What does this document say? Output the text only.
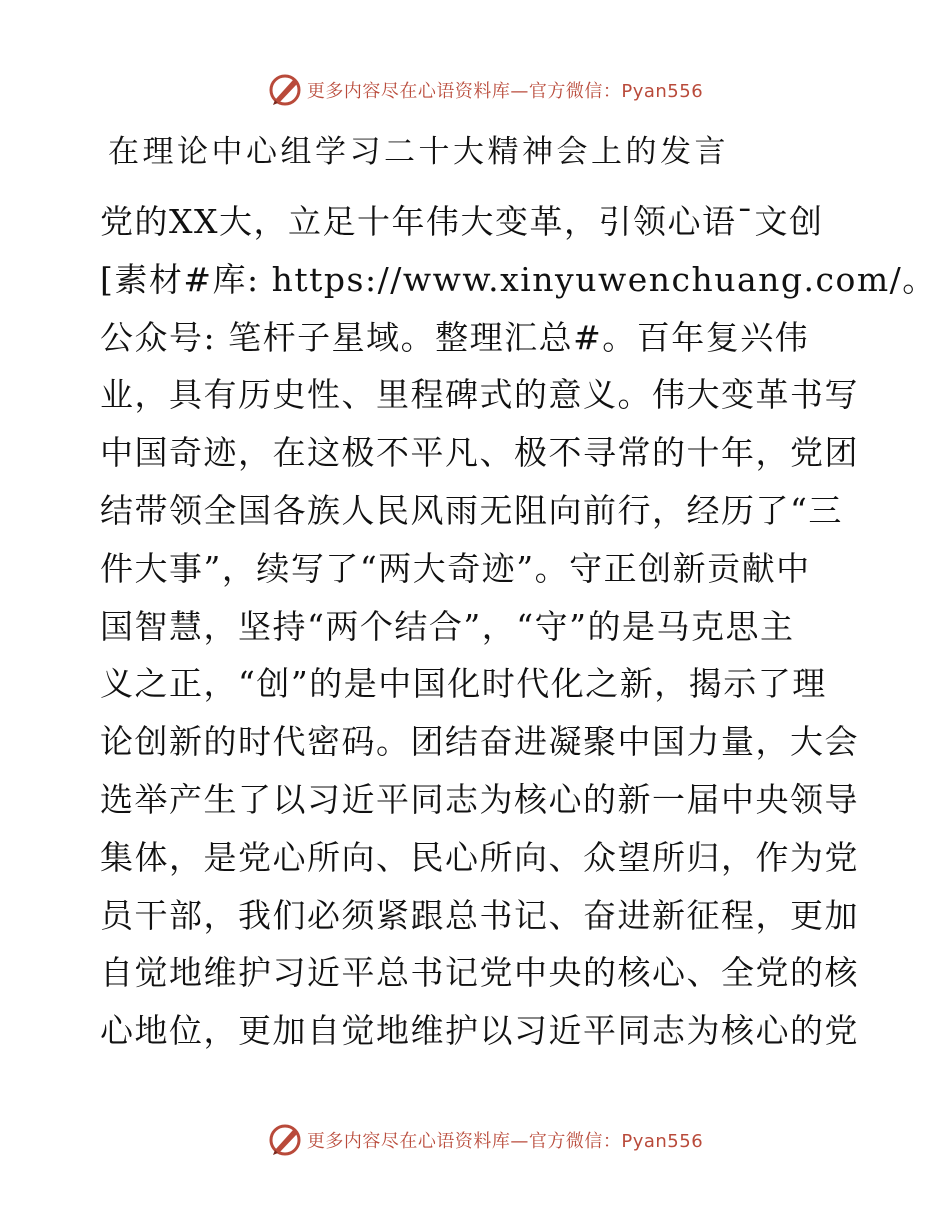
更多内容尽在心语资料库—官方微信：Pyan556
在理论中心组学习二十大精神会上的发言
党的XX大，立足十年伟大变革，引领心语¯文创
[素材#库: https://www.xinyuwenchuang.com/。
公众号: 笔杆子星域。整理汇总#。百年复兴伟
业，具有历史性、里程碑式的意义。伟大变革书写
中国奇迹，在这极不平凡、极不寻常的十年，党团
结带领全国各族人民风雨无阻向前行，经历了“三
件大事”，续写了“两大奇迹”。守正创新贡献中
国智慧，坚持“两个结合”，“守”的是马克思主
义之正，“创”的是中国化时代化之新，揭示了理
论创新的时代密码。团结奋进凝聚中国力量，大会
选举产生了以习近平同志为核心的新一届中央领导
集体，是党心所向、民心所向、众望所归，作为党
员干部，我们必须紧跟总书记、奋进新征程，更加
自觉地维护习近平总书记党中央的核心、全党的核
心地位，更加自觉地维护以习近平同志为核心的党
更多内容尽在心语资料库—官方微信：Pyan556
